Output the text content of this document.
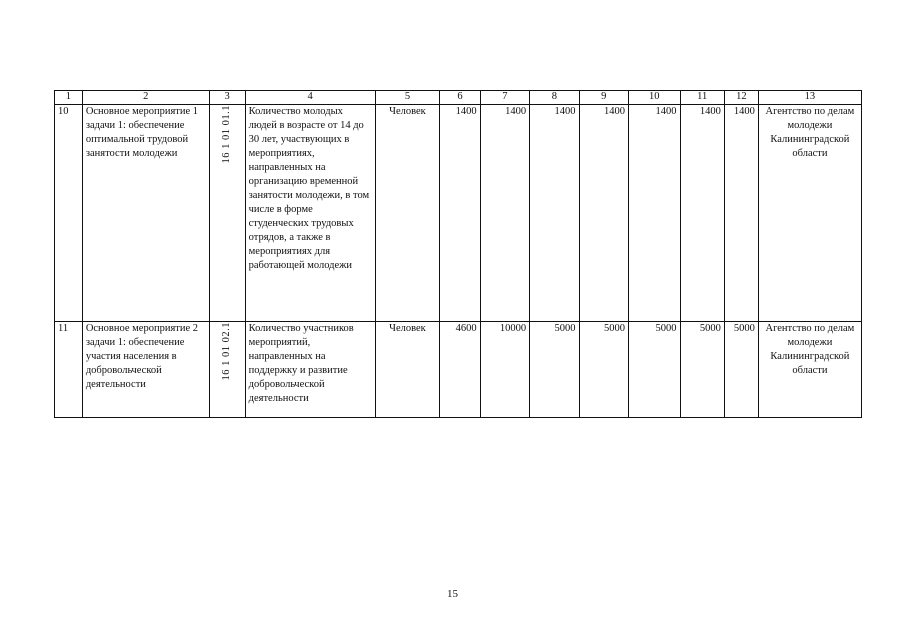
1	2	3	4	5	6	7	8	9	10	11	12	13
10	Основное мероприятие 1 задачи 1: обеспечение оптимальной трудовой занятости молодежи	16 1 01 01.1	Количество молодых людей в возрасте от 14 до 30 лет, участвующих в мероприятиях, направленных на организацию временной занятости молодежи, в том числе в форме студенческих трудовых отрядов, а также в мероприятиях для работающей молодежи	Человек	1400	1400	1400	1400	1400	1400	1400	Агентство по делам молодежи Калининградской области
11	Основное мероприятие 2 задачи 1: обеспечение участия населения в добровольческой деятельности	16 1 01 02.1	Количество участников мероприятий, направленных на поддержку и развитие добровольческой деятельности	Человек	4600	10000	5000	5000	5000	5000	5000	Агентство по делам молодежи Калининградской области
15
